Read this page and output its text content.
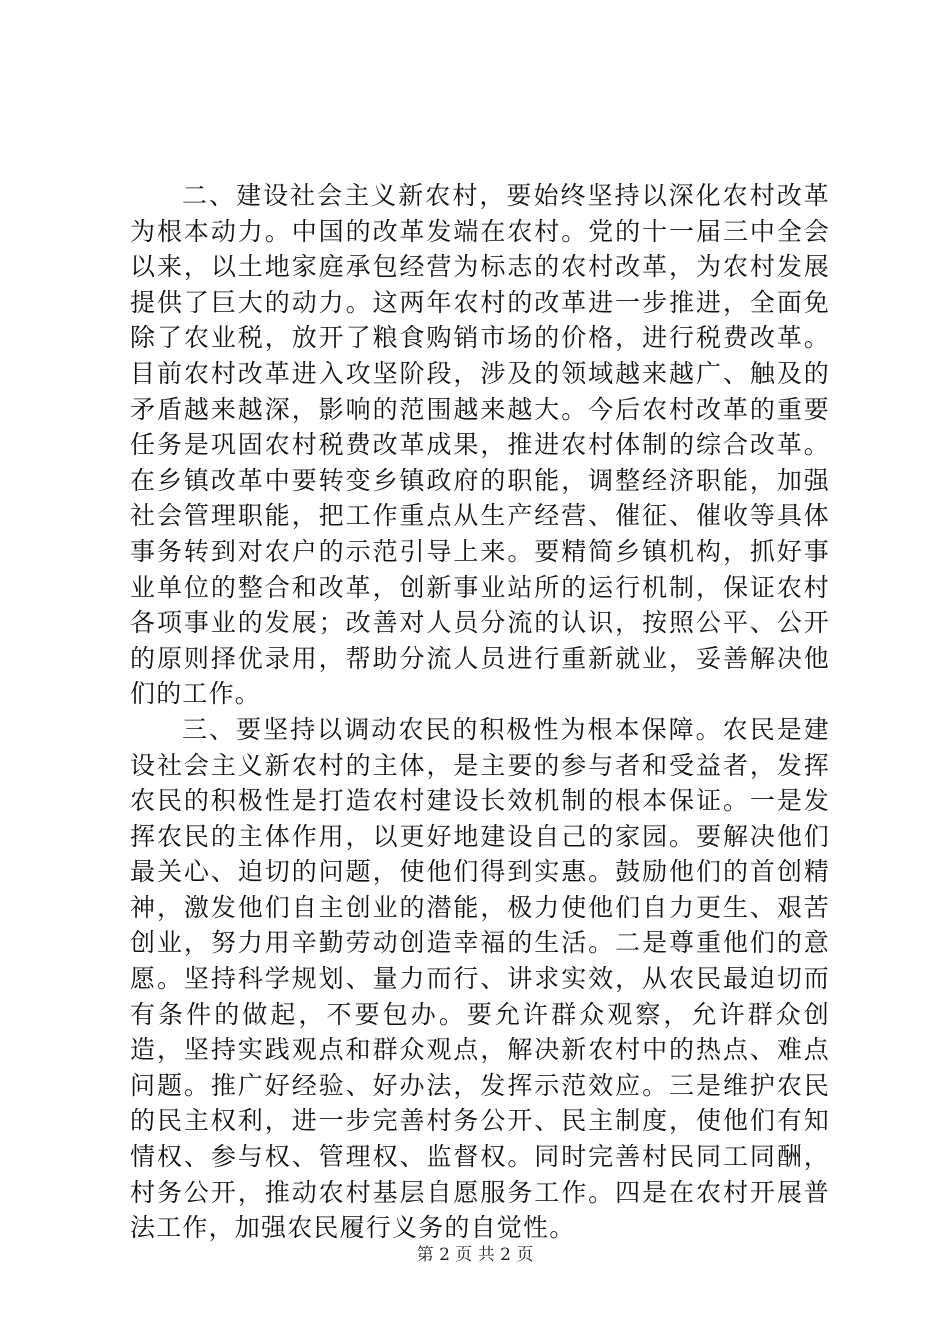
二、建设社会主义新农村，要始终坚持以深化农村改革为根本动力。中国的改革发端在农村。党的十一届三中全会以来，以土地家庭承包经营为标志的农村改革，为农村发展提供了巨大的动力。这两年农村的改革进一步推进，全面免除了农业税，放开了粮食购销市场的价格，进行税费改革。目前农村改革进入攻坚阶段，涉及的领域越来越广、触及的矛盾越来越深，影响的范围越来越大。今后农村改革的重要任务是巩固农村税费改革成果，推进农村体制的综合改革。在乡镇改革中要转变乡镇政府的职能，调整经济职能，加强社会管理职能，把工作重点从生产经营、催征、催收等具体事务转到对农户的示范引导上来。要精简乡镇机构，抓好事业单位的整合和改革，创新事业站所的运行机制，保证农村各项事业的发展；改善对人员分流的认识，按照公平、公开的原则择优录用，帮助分流人员进行重新就业，妥善解决他们的工作。

三、要坚持以调动农民的积极性为根本保障。农民是建设社会主义新农村的主体，是主要的参与者和受益者，发挥农民的积极性是打造农村建设长效机制的根本保证。一是发挥农民的主体作用，以更好地建设自己的家园。要解决他们最关心、迫切的问题，使他们得到实惠。鼓励他们的首创精神，激发他们自主创业的潜能，极力使他们自力更生、艰苦创业，努力用辛勤劳动创造幸福的生活。二是尊重他们的意愿。坚持科学规划、量力而行、讲求实效，从农民最迫切而有条件的做起，不要包办。要允许群众观察，允许群众创造，坚持实践观点和群众观点，解决新农村中的热点、难点问题。推广好经验、好办法，发挥示范效应。三是维护农民的民主权利，进一步完善村务公开、民主制度，使他们有知情权、参与权、管理权、监督权。同时完善村民同工同酬，村务公开，推动农村基层自愿服务工作。四是在农村开展普法工作，加强农民履行义务的自觉性。

第 2 页 共 2 页
